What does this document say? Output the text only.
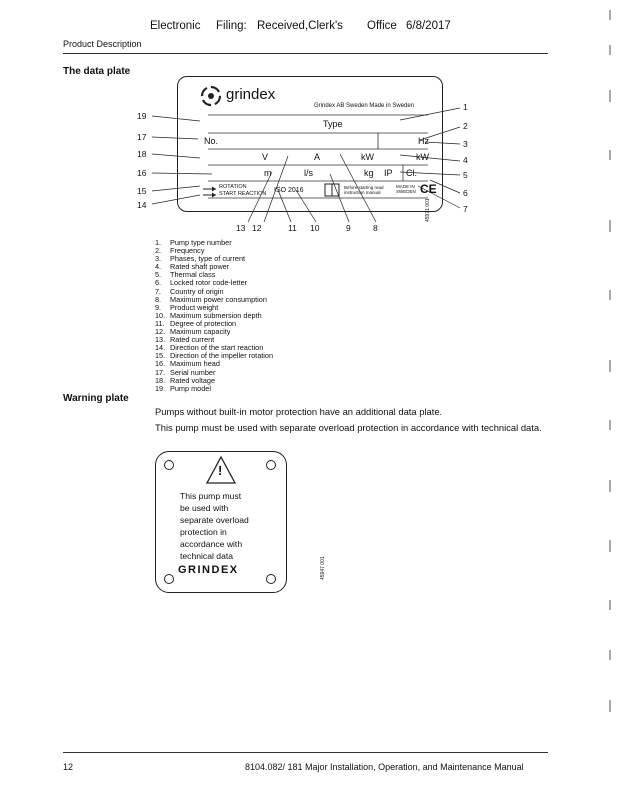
Electronic Filing: Received,Clerk's Office 6/8/2017
Product Description
The data plate
grindex
Grindex AB Sweden Made in Sweden
Type
No.	Hz
V	A	kW	kW
m	l/s	kg IP Cl.
ROTATION
START REACTION ISO 2016	Before starting read instruction manual
MADE IN SWEDEN CE
45971 001
19
17
18
16
15
14
1
2
3
4
5
6
7
8
9
10
11
12
13
1. Pump type number
2. Frequency
3. Phases, type of current
4. Rated shaft power
5. Thermal class
6. Locked rotor code-letter
7. Country of origin
8. Maximum power consumption
9. Product weight
10. Maximum submersion depth
11. Degree of protection
12. Maximum capacity
13. Rated current
14. Direction of the start reaction
15. Direction of the impeller rotation
16. Maximum head
17. Serial number
18. Rated voltage
19. Pump model
Warning plate
Pumps without built-in motor protection have an additional data plate.
This pump must be used with separate overload protection in accordance with technical data.
!
This pump must
be used with
separate overload
protection in
accordance with
technical data
GRINDEX	45947 001
12	8104.082/ 181 Major Installation, Operation, and Maintenance Manual
